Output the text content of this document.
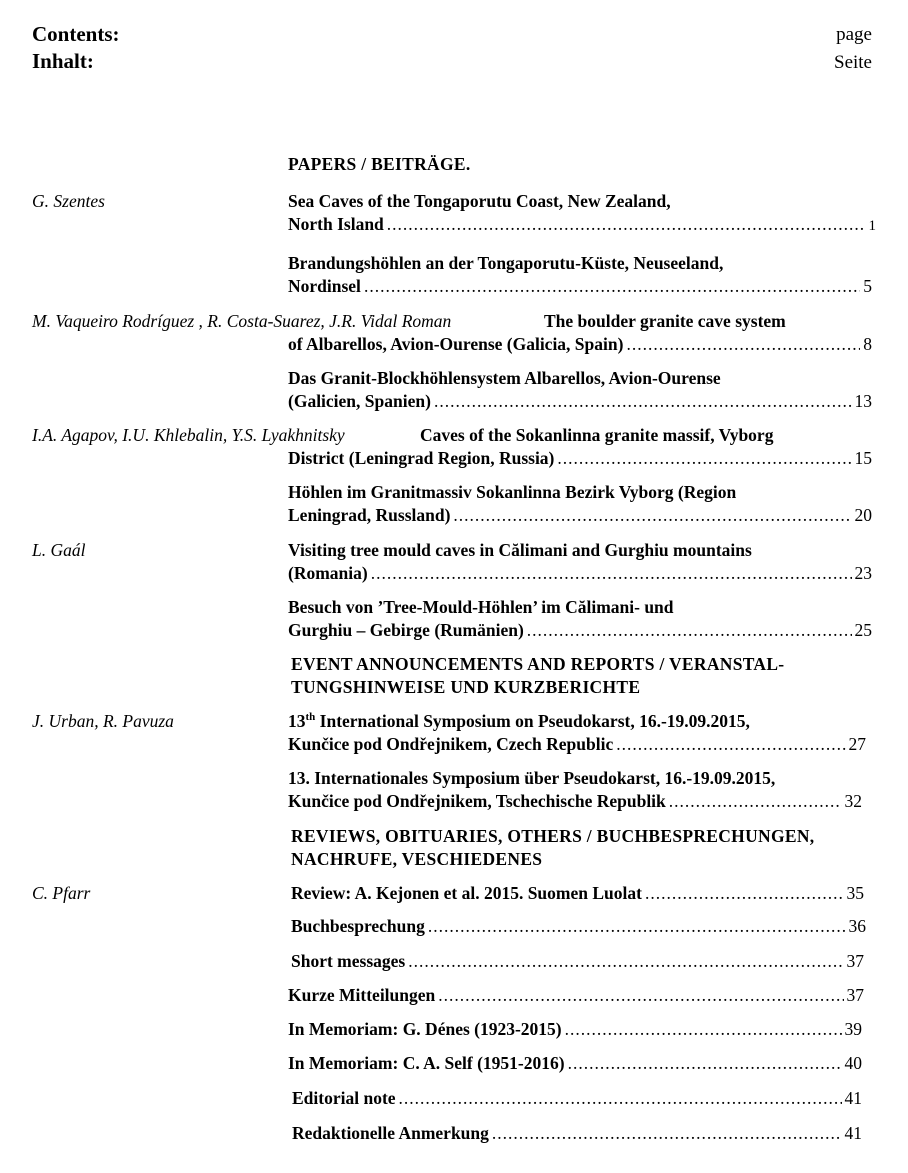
Contents:
Inhalt:
page
Seite
PAPERS / BEITRÄGE.
G. Szentes	Sea Caves of the Tongaporutu Coast, New Zealand,
North Island .....	1
Brandungshöhlen an der Tongaporutu-Küste, Neuseeland,
Nordinsel .....	5
M. Vaqueiro Rodríguez , R. Costa-Suarez, J.R. Vidal Roman	The boulder granite cave system
of Albarellos, Avion-Ourense (Galicia, Spain) .....	8
Das Granit-Blockhöhlensystem Albarellos, Avion-Ourense
(Galicien, Spanien) .....	13
I.A. Agapov, I.U. Khlebalin, Y.S. Lyakhnitsky	Caves of the Sokanlinna granite massif, Vyborg
District (Leningrad Region, Russia) .....	15
Höhlen im Granitmassiv Sokanlinna Bezirk Vyborg (Region
Leningrad, Russland) .....	20
L. Gaál	Visiting tree mould caves in Călimani and Gurghiu mountains
(Romania) .....	23
Besuch von ’Tree-Mould-Höhlen’ im Călimani- und
Gurghiu – Gebirge (Rumänien) .....	25
EVENT ANNOUNCEMENTS AND REPORTS / VERANSTAL-
TUNGSHINWEISE UND KURZBERICHTE
J. Urban, R. Pavuza	13th International Symposium on Pseudokarst, 16.-19.09.2015,
Kunčice pod Ondřejnikem, Czech Republic .....	27
13. Internationales Symposium über Pseudokarst, 16.-19.09.2015,
Kunčice pod Ondřejnikem, Tschechische Republik .....	32
REVIEWS, OBITUARIES, OTHERS / BUCHBESPRECHUNGEN,
NACHRUFE, VESCHIEDENES
C. Pfarr	Review: A. Kejonen et al. 2015. Suomen Luolat .....	35
Buchbesprechung .....	36
Short messages .....	37
Kurze Mitteilungen .....	37
In Memoriam: G. Dénes (1923-2015) .....	39
In Memoriam: C. A. Self (1951-2016) .....	40
Editorial note .....	41
Redaktionelle Anmerkung .....	41
